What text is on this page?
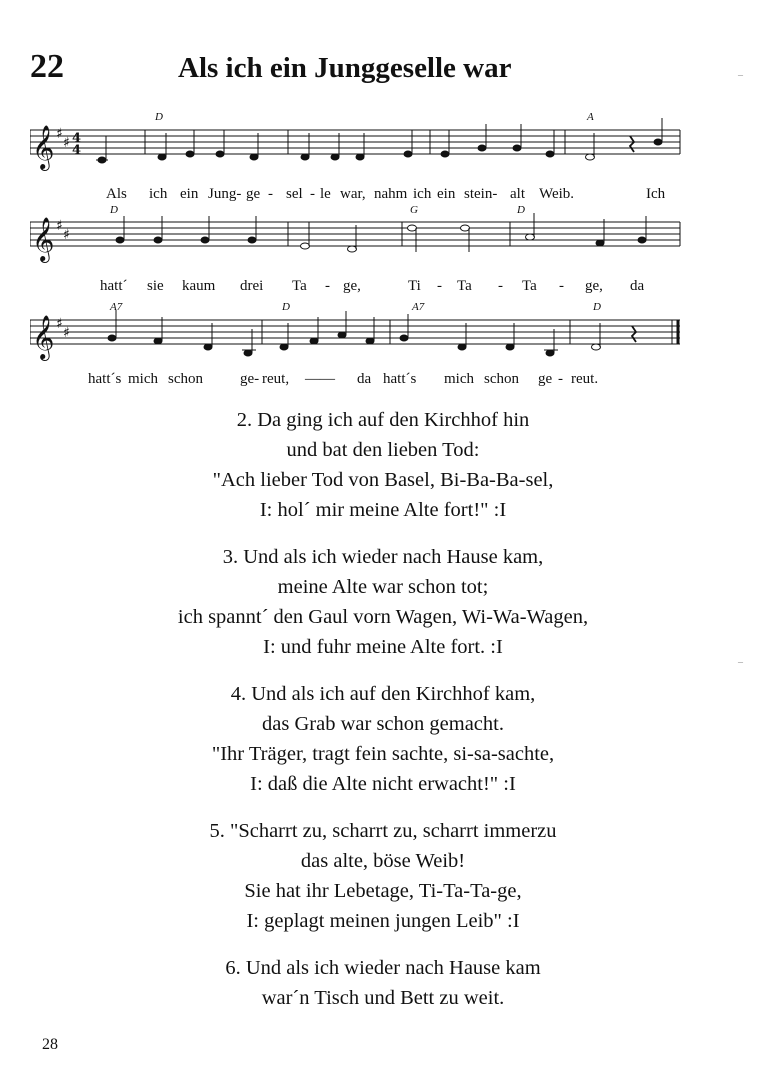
22	Als ich ein Junggeselle war	–
–
𝄞
𝄞
𝄞
♯
♯
♯
♯
♯
♯
4
4
D	A
D	G	D
A7	D	A7	D
Als ich ein Jung- ge - sel - le war, nahm ich ein stein- alt Weib.	Ich
hatt´ sie kaum drei Ta - ge,	Ti - Ta - Ta - ge, da
hatt´s mich schon ge- reut, —— da hatt´s mich schon ge - reut.
2. Da ging ich auf den Kirchhof hin
und bat den lieben Tod:
"Ach lieber Tod von Basel, Bi-Ba-Ba-sel,
I: hol´ mir meine Alte fort!" :I
3. Und als ich wieder nach Hause kam,
meine Alte war schon tot;
ich spannt´ den Gaul vorn Wagen, Wi-Wa-Wagen,
I: und fuhr meine Alte fort. :I
4. Und als ich auf den Kirchhof kam,
das Grab war schon gemacht.
"Ihr Träger, tragt fein sachte, si-sa-sachte,
I: daß die Alte nicht erwacht!" :I
5. "Scharrt zu, scharrt zu, scharrt immerzu
das alte, böse Weib!
Sie hat ihr Lebetage, Ti-Ta-Ta-ge,
I: geplagt meinen jungen Leib" :I
6. Und als ich wieder nach Hause kam
war´n Tisch und Bett zu weit.
28
